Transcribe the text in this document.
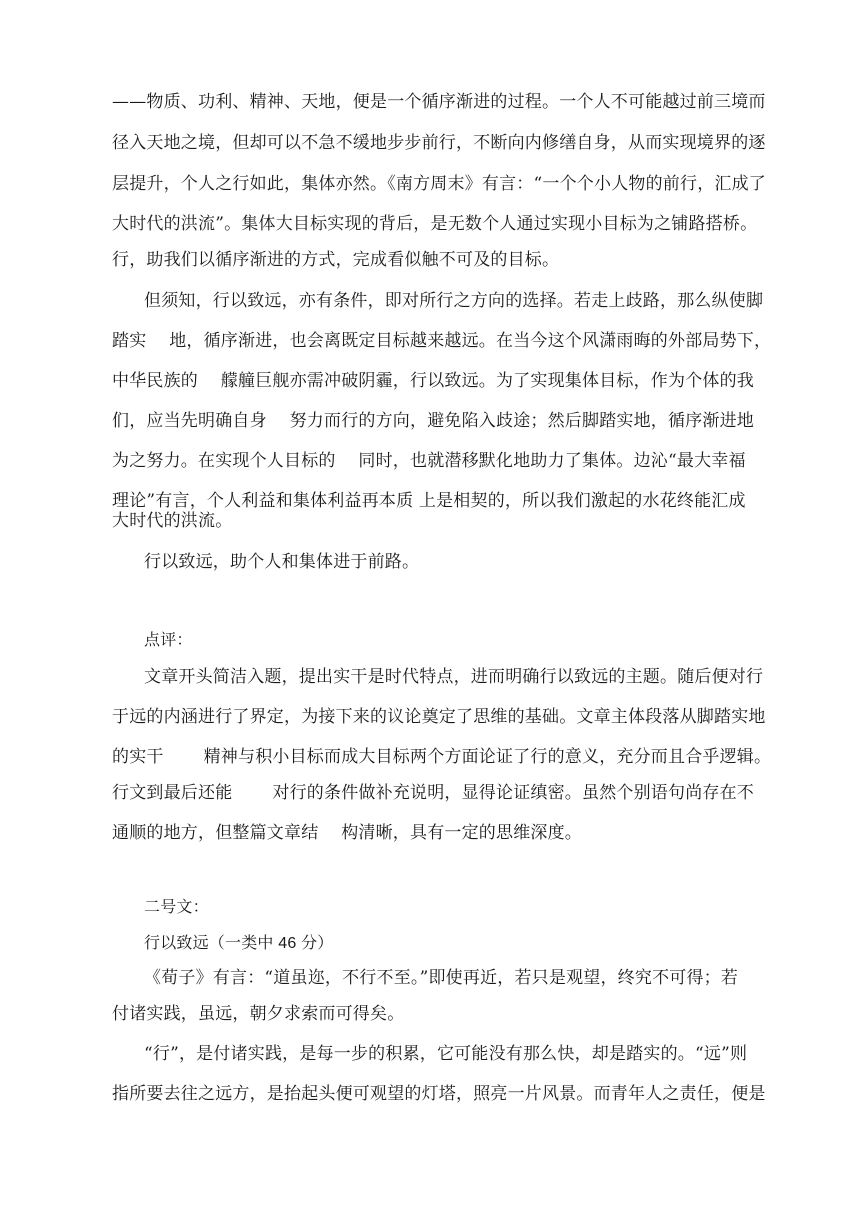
——物质、功利、精神、天地，便是一个循序渐进的过程。一个人不可能越过前三境而
径入天地之境，但却可以不急不缓地步步前行，不断向内修缮自身，从而实现境界的逐
层提升，个人之行如此，集体亦然。《南方周末》有言：“一个个小人物的前行，汇成了
大时代的洪流”。集体大目标实现的背后，是无数个人通过实现小目标为之铺路搭桥。
行，助我们以循序渐进的方式，完成看似触不可及的目标。
但须知，行以致远，亦有条件，即对所行之方向的选择。若走上歧路，那么纵使脚
踏实　 地，循序渐进，也会离既定目标越来越远。在当今这个风潇雨晦的外部局势下，
中华民族的　 艨艟巨舰亦需冲破阴霾，行以致远。为了实现集体目标，作为个体的我
们，应当先明确自身　 努力而行的方向，避免陷入歧途；然后脚踏实地，循序渐进地
为之努力。在实现个人目标的　 同时，也就潜移默化地助力了集体。边沁“最大幸福
理论”有言，个人利益和集体利益再本质 上是相契的，所以我们激起的水花终能汇成
大时代的洪流。
行以致远，助个人和集体进于前路。
点评：
文章开头简洁入题，提出实干是时代特点，进而明确行以致远的主题。随后便对行
于远的内涵进行了界定，为接下来的议论奠定了思维的基础。文章主体段落从脚踏实地
的实干　　 精神与积小目标而成大目标两个方面论证了行的意义，充分而且合乎逻辑。
行文到最后还能　　 对行的条件做补充说明，显得论证缜密。虽然个别语句尚存在不
通顺的地方，但整篇文章结　 构清晰，具有一定的思维深度。
二号文：
行以致远（一类中 46 分）
《荀子》有言：“道虽迩，不行不至。”即使再近，若只是观望，终究不可得；若
付诸实践，虽远，朝夕求索而可得矣。
“行”，是付诸实践，是每一步的积累，它可能没有那么快，却是踏实的。“远”则
指所要去往之远方，是抬起头便可观望的灯塔，照亮一片风景。而青年人之责任，便是
